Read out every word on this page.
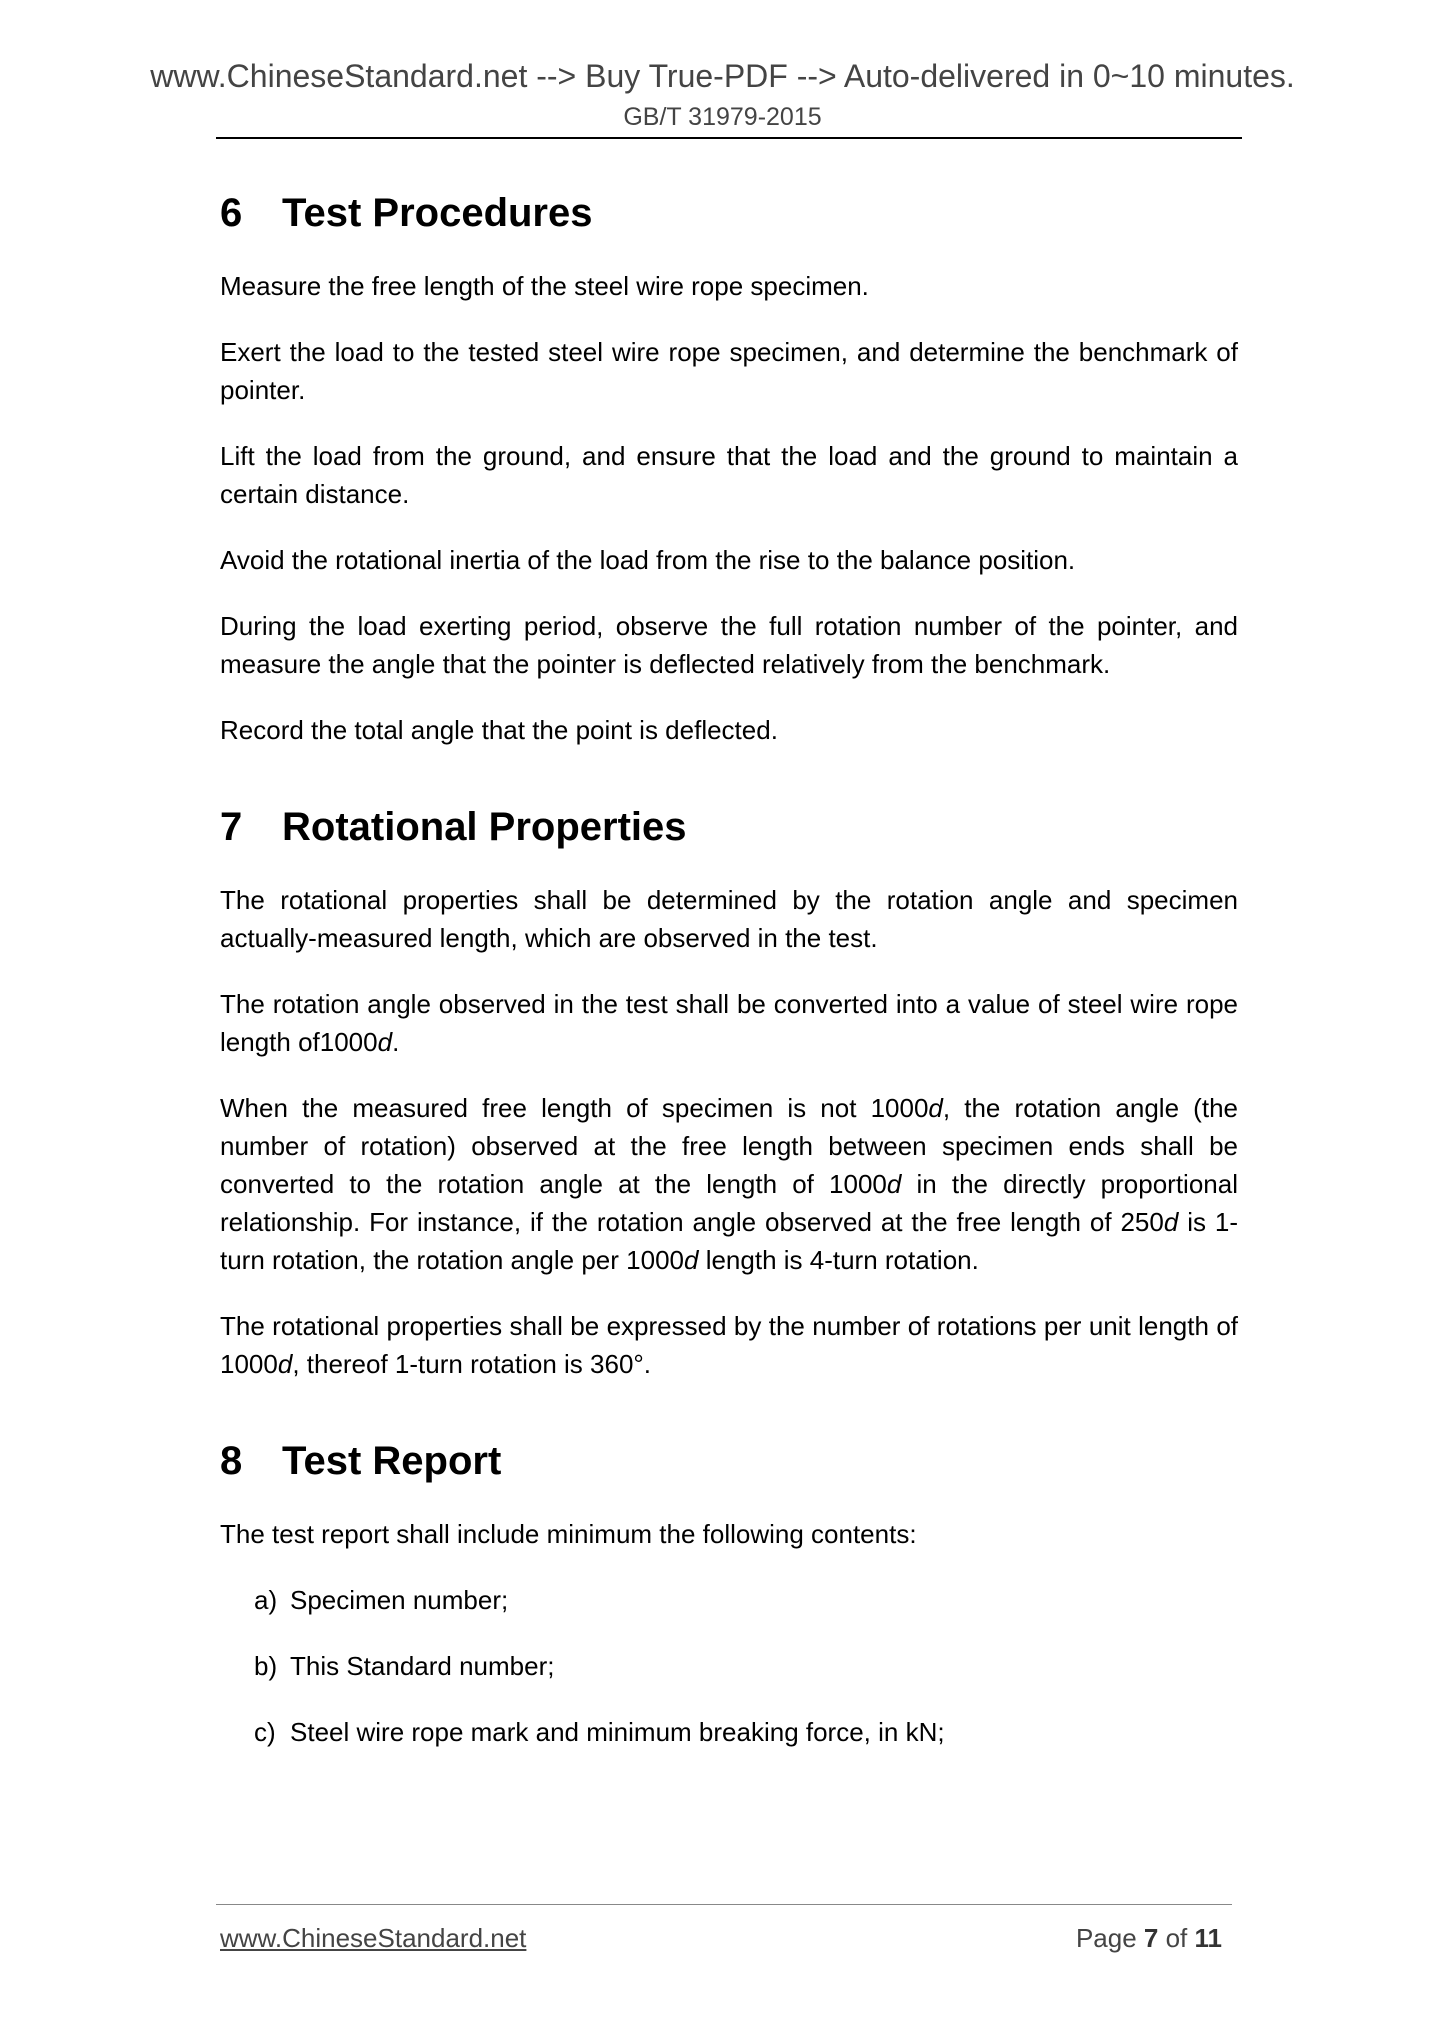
www.ChineseStandard.net --> Buy True-PDF --> Auto-delivered in 0~10 minutes.
GB/T 31979-2015
6 Test Procedures

Measure the free length of the steel wire rope specimen.

Exert the load to the tested steel wire rope specimen, and determine the benchmark of pointer.

Lift the load from the ground, and ensure that the load and the ground to maintain a certain distance.

Avoid the rotational inertia of the load from the rise to the balance position.

During the load exerting period, observe the full rotation number of the pointer, and measure the angle that the pointer is deflected relatively from the benchmark.

Record the total angle that the point is deflected.

7 Rotational Properties

The rotational properties shall be determined by the rotation angle and specimen actually-measured length, which are observed in the test.

The rotation angle observed in the test shall be converted into a value of steel wire rope length of1000d.

When the measured free length of specimen is not 1000d, the rotation angle (the number of rotation) observed at the free length between specimen ends shall be converted to the rotation angle at the length of 1000d in the directly proportional relationship. For instance, if the rotation angle observed at the free length of 250d is 1-turn rotation, the rotation angle per 1000d length is 4-turn rotation.

The rotational properties shall be expressed by the number of rotations per unit length of 1000d, thereof 1-turn rotation is 360°.

8 Test Report

The test report shall include minimum the following contents:

a) Specimen number;
b) This Standard number;
c) Steel wire rope mark and minimum breaking force, in kN;
www.ChineseStandard.net	Page 7 of 11
